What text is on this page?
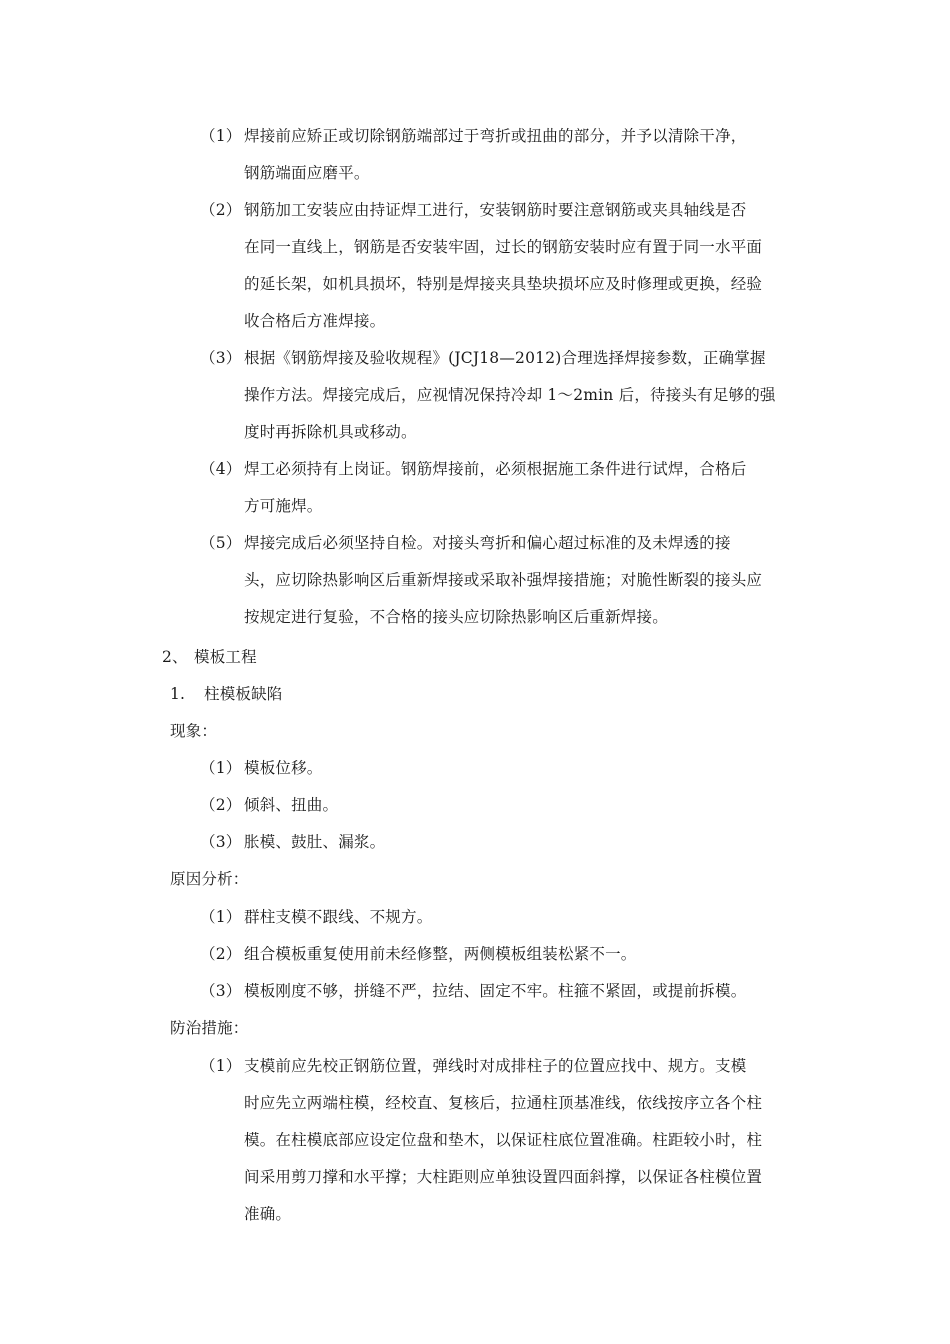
（1） 焊接前应矫正或切除钢筋端部过于弯折或扭曲的部分，并予以清除干净，
钢筋端面应磨平。
（2） 钢筋加工安装应由持证焊工进行，安装钢筋时要注意钢筋或夹具轴线是否
在同一直线上，钢筋是否安装牢固，过长的钢筋安装时应有置于同一水平面
的延长架，如机具损坏，特别是焊接夹具垫块损坏应及时修理或更换，经验
收合格后方准焊接。
（3） 根据《钢筋焊接及验收规程》(JCJ18—2012)合理选择焊接参数，正确掌握
操作方法。焊接完成后，应视情况保持冷却 1～2min 后，待接头有足够的强
度时再拆除机具或移动。
（4） 焊工必须持有上岗证。钢筋焊接前，必须根据施工条件进行试焊，合格后
方可施焊。
（5） 焊接完成后必须坚持自检。对接头弯折和偏心超过标准的及未焊透的接
头，应切除热影响区后重新焊接或采取补强焊接措施；对脆性断裂的接头应
按规定进行复验，不合格的接头应切除热影响区后重新焊接。
2、 模板工程
1. 柱模板缺陷
现象：
（1） 模板位移。
（2） 倾斜、扭曲。
（3） 胀模、鼓肚、漏浆。
原因分析：
（1） 群柱支模不跟线、不规方。
（2） 组合模板重复使用前未经修整，两侧模板组装松紧不一。
（3） 模板刚度不够，拼缝不严，拉结、固定不牢。柱箍不紧固，或提前拆模。
防治措施：
（1） 支模前应先校正钢筋位置，弹线时对成排柱子的位置应找中、规方。支模
时应先立两端柱模，经校直、复核后，拉通柱顶基准线，依线按序立各个柱
模。在柱模底部应设定位盘和垫木，以保证柱底位置准确。柱距较小时，柱
间采用剪刀撑和水平撑；大柱距则应单独设置四面斜撑，以保证各柱模位置
准确。
